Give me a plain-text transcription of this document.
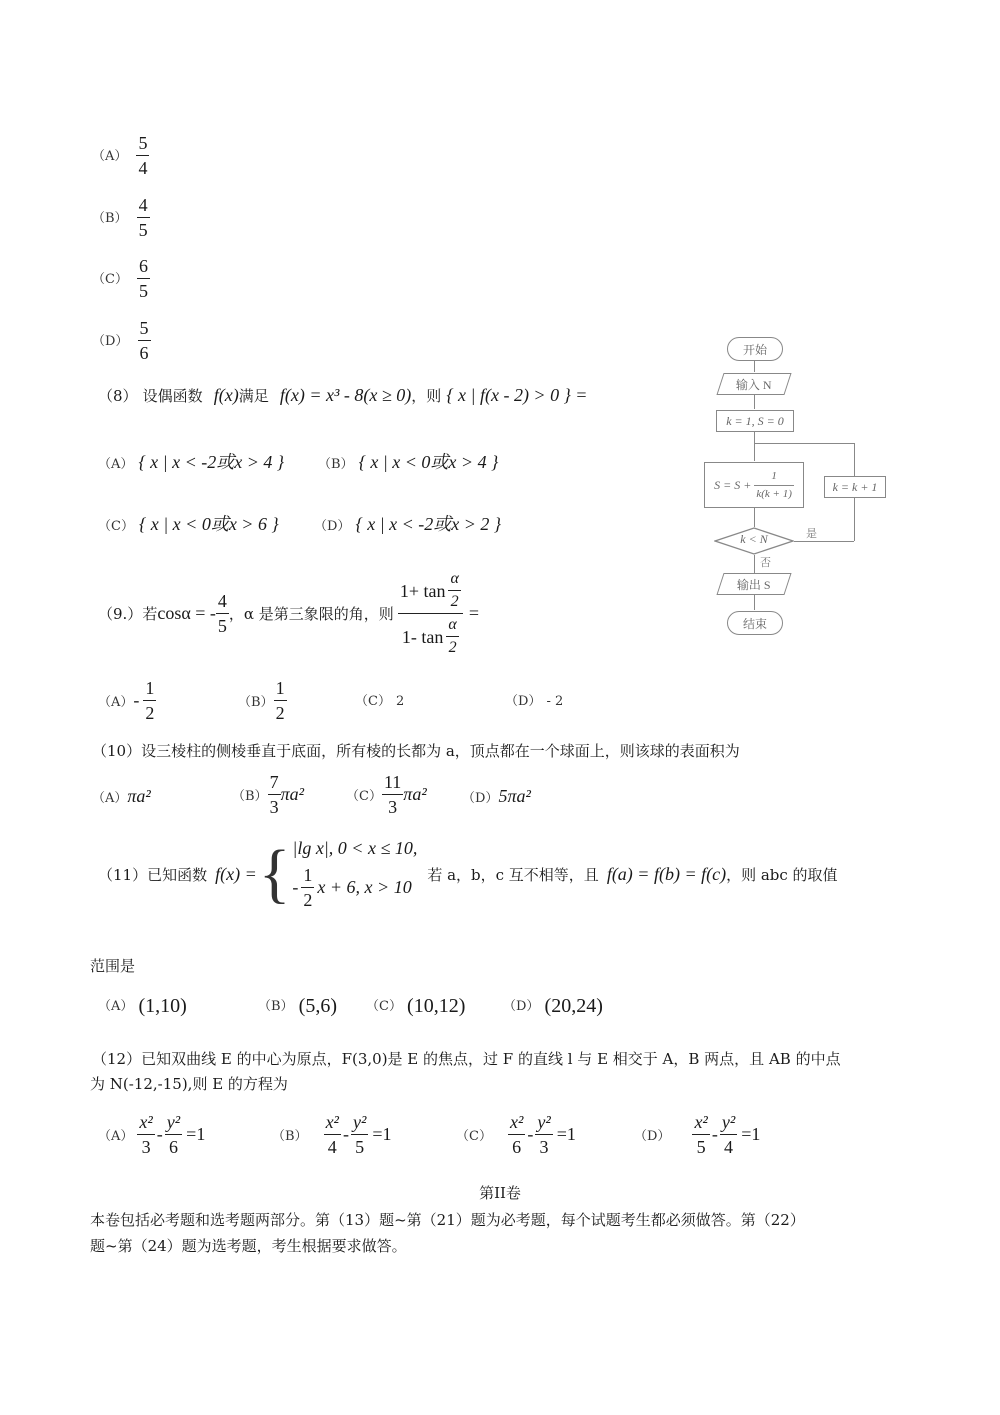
$(A) \frac{5}{4}$
$(B) \frac{4}{5}$
$(C) \frac{6}{5}$
$(D) \frac{5}{6}$
（8） 设偶函数 f(x)满足 f(x) = x³ - 8(x ≥ 0)，则 { x | f(x - 2) > 0 } =
（A） { x | x < -2或x > 4 }	（B） { x | x < 0或x > 4 }
（C） { x | x < 0或x > 6 }	（D） { x | x < -2或x > 2 }
开始
输入 N
k = 1, S = 0
$S = S + \frac{1}{k(k + 1)}$	k = k + 1
k < N	是
否
输出 S
结束
（9.） 若 cosα = - $\frac{4}{5}$ ，α 是第三象限的角，则 $\frac{1+ \tan \frac{\alpha}{2}}{1- \tan \frac{\alpha}{2}}$ =
$(A) - \frac{1}{2}$	$(B) \frac{1}{2}$	（C） 2	（D） - 2
（10）设三棱柱的侧棱垂直于底面，所有棱的长都为 a，顶点都在一个球面上，则该球的表面积为
（A） πa²	$(B) \frac{7}{3} \pi a^2$	$(C) \frac{11}{3} \pi a^2$	（D） 5πa²
（11） 已知函数 f(x) = { |lg x|, 0 < x ≤ 10,
- $\frac{1}{2}$ x + 6, x > 10
若 a，b，c 互不相等，且 f(a) = f(b) = f(c) ，则 abc 的取值
范围是
$^{(A)}$ (1,10)	$^{(B)}$ (5,6) $^{(C)}$ (10,12)	$^{(D)}$ (20,24)
（12）已知双曲线 E 的中心为原点，F(3,0)是 E 的焦点，过 F 的直线 l 与 E 相交于 A，B 两点，且 AB 的中点
为 N(-12,-15),则 E 的方程为
$(A) \frac{\text{x²}}{3} - \frac{\text{y²}}{6} =1$	$(B) \frac{\text{x²}}{4} - \frac{\text{y²}}{5} =1$	$(C) \frac{\text{x²}}{6} - \frac{\text{y²}}{3} =1$	$(D) \frac{\text{x²}}{5} - \frac{\text{y²}}{4} =1$
第II卷
本卷包括必考题和选考题两部分。第（13）题~第（21）题为必考题，每个试题考生都必须做答。第（22）
题~第（24）题为选考题，考生根据要求做答。
